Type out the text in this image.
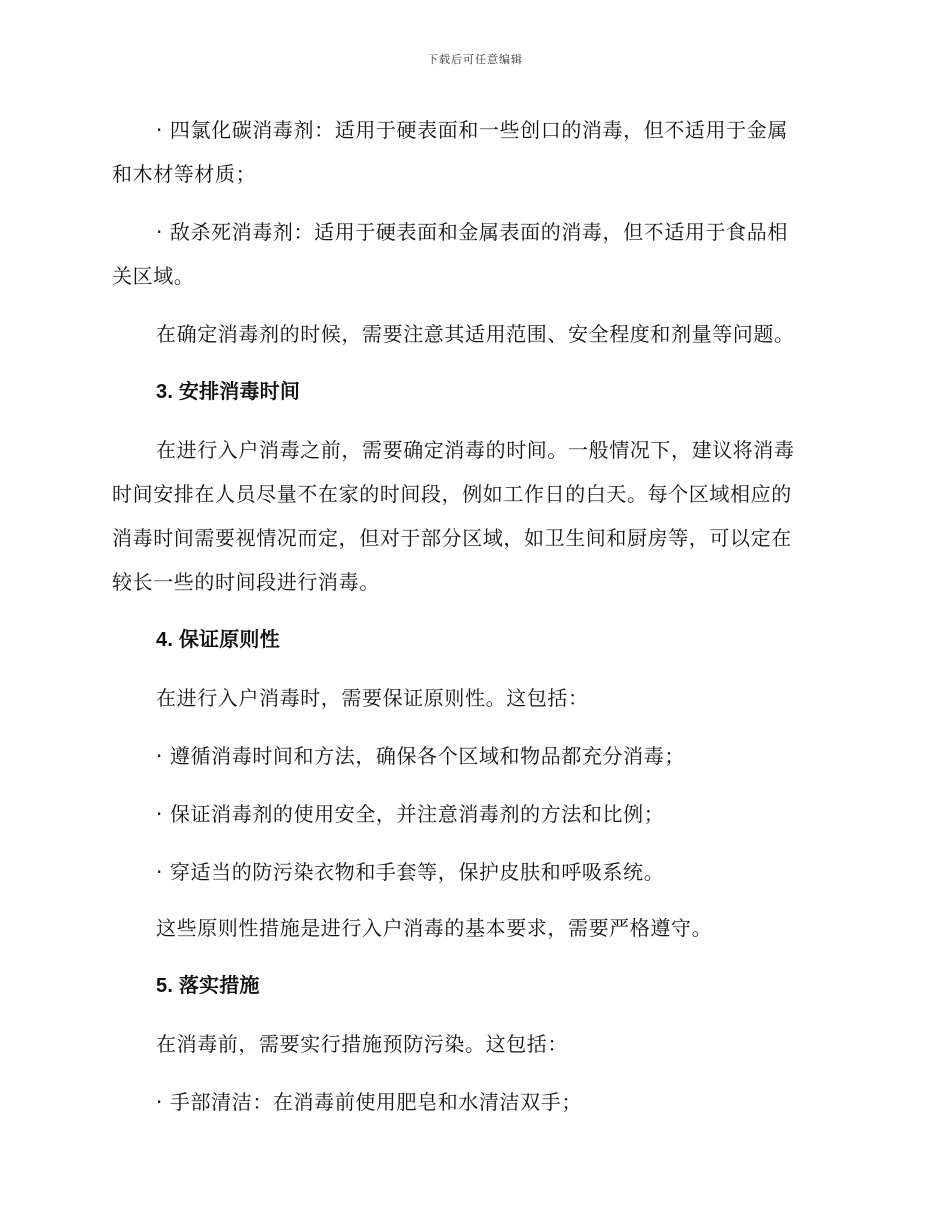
下载后可任意编辑
· 四氯化碳消毒剂：适用于硬表面和一些创口的消毒，但不适用于金属
和木材等材质；
· 敌杀死消毒剂：适用于硬表面和金属表面的消毒，但不适用于食品相
关区域。
在确定消毒剂的时候，需要注意其适用范围、安全程度和剂量等问题。
3. 安排消毒时间
在进行入户消毒之前，需要确定消毒的时间。一般情况下，建议将消毒
时间安排在人员尽量不在家的时间段，例如工作日的白天。每个区域相应的
消毒时间需要视情况而定，但对于部分区域，如卫生间和厨房等，可以定在
较长一些的时间段进行消毒。
4. 保证原则性
在进行入户消毒时，需要保证原则性。这包括：
· 遵循消毒时间和方法，确保各个区域和物品都充分消毒；
· 保证消毒剂的使用安全，并注意消毒剂的方法和比例；
· 穿适当的防污染衣物和手套等，保护皮肤和呼吸系统。
这些原则性措施是进行入户消毒的基本要求，需要严格遵守。
5. 落实措施
在消毒前，需要实行措施预防污染。这包括：
· 手部清洁：在消毒前使用肥皂和水清洁双手；
